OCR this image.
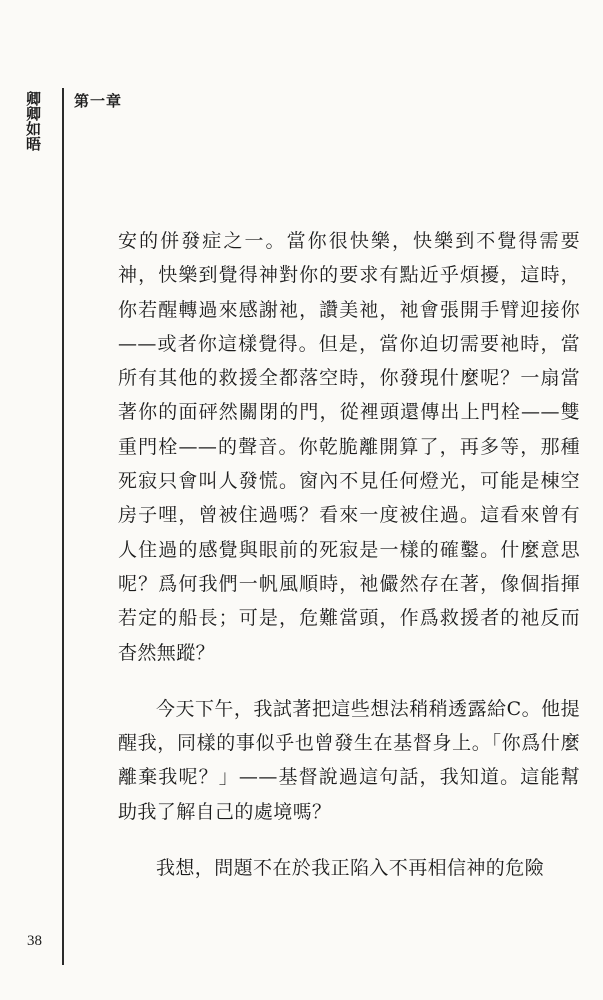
卿卿如晤 第一章

安的併發症之一。當你很快樂，快樂到不覺得需要神，快樂到覺得神對你的要求有點近乎煩擾，這時，你若醒轉過來感謝祂，讚美祂，祂會張開手臂迎接你——或者你這樣覺得。但是，當你迫切需要祂時，當所有其他的救援全都落空時，你發現什麼呢？一扇當著你的面砰然關閉的門，從裡頭還傳出上門栓——雙重門栓——的聲音。你乾脆離開算了，再多等，那種死寂只會叫人發慌。窗內不見任何燈光，可能是棟空房子哩，曾被住過嗎？看來一度被住過。這看來曾有人住過的感覺與眼前的死寂是一樣的確鑿。什麼意思呢？爲何我們一帆風順時，祂儼然存在著，像個指揮若定的船長；可是，危難當頭，作爲救援者的祂反而杳然無蹤？

今天下午，我試著把這些想法稍稍透露給C。他提醒我，同樣的事似乎也曾發生在基督身上。「你爲什麼離棄我呢？」——基督說過這句話，我知道。這能幫助我了解自己的處境嗎？

我想，問題不在於我正陷入不再相信神的危險

38
